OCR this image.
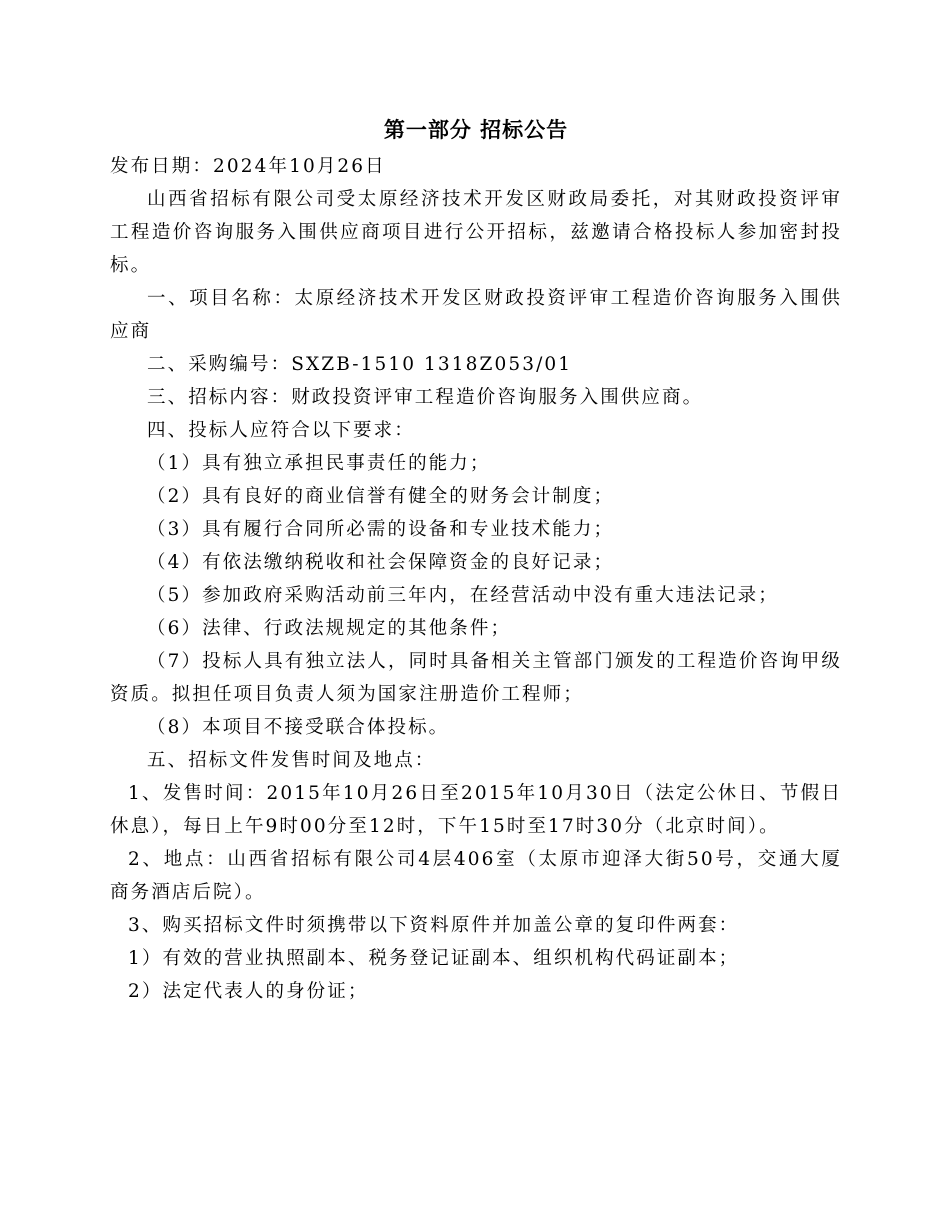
第一部分 招标公告

发布日期：2024年10月26日

山西省招标有限公司受太原经济技术开发区财政局委托，对其财政投资评审工程造价咨询服务入围供应商项目进行公开招标，兹邀请合格投标人参加密封投标。

一、项目名称：太原经济技术开发区财政投资评审工程造价咨询服务入围供应商

二、采购编号：SXZB-1510 1318Z053/01

三、招标内容：财政投资评审工程造价咨询服务入围供应商。

四、投标人应符合以下要求：

（1）具有独立承担民事责任的能力；

（2）具有良好的商业信誉有健全的财务会计制度；

（3）具有履行合同所必需的设备和专业技术能力；

（4）有依法缴纳税收和社会保障资金的良好记录；

（5）参加政府采购活动前三年内，在经营活动中没有重大违法记录；

（6）法律、行政法规规定的其他条件；

（7）投标人具有独立法人，同时具备相关主管部门颁发的工程造价咨询甲级资质。拟担任项目负责人须为国家注册造价工程师；

（8）本项目不接受联合体投标。

五、招标文件发售时间及地点：

1、发售时间：2015年10月26日至2015年10月30日（法定公休日、节假日休息），每日上午9时00分至12时，下午15时至17时30分（北京时间）。

2、地点：山西省招标有限公司4层406室（太原市迎泽大街50号，交通大厦商务酒店后院）。

3、购买招标文件时须携带以下资料原件并加盖公章的复印件两套：

1）有效的营业执照副本、税务登记证副本、组织机构代码证副本；

2）法定代表人的身份证；
